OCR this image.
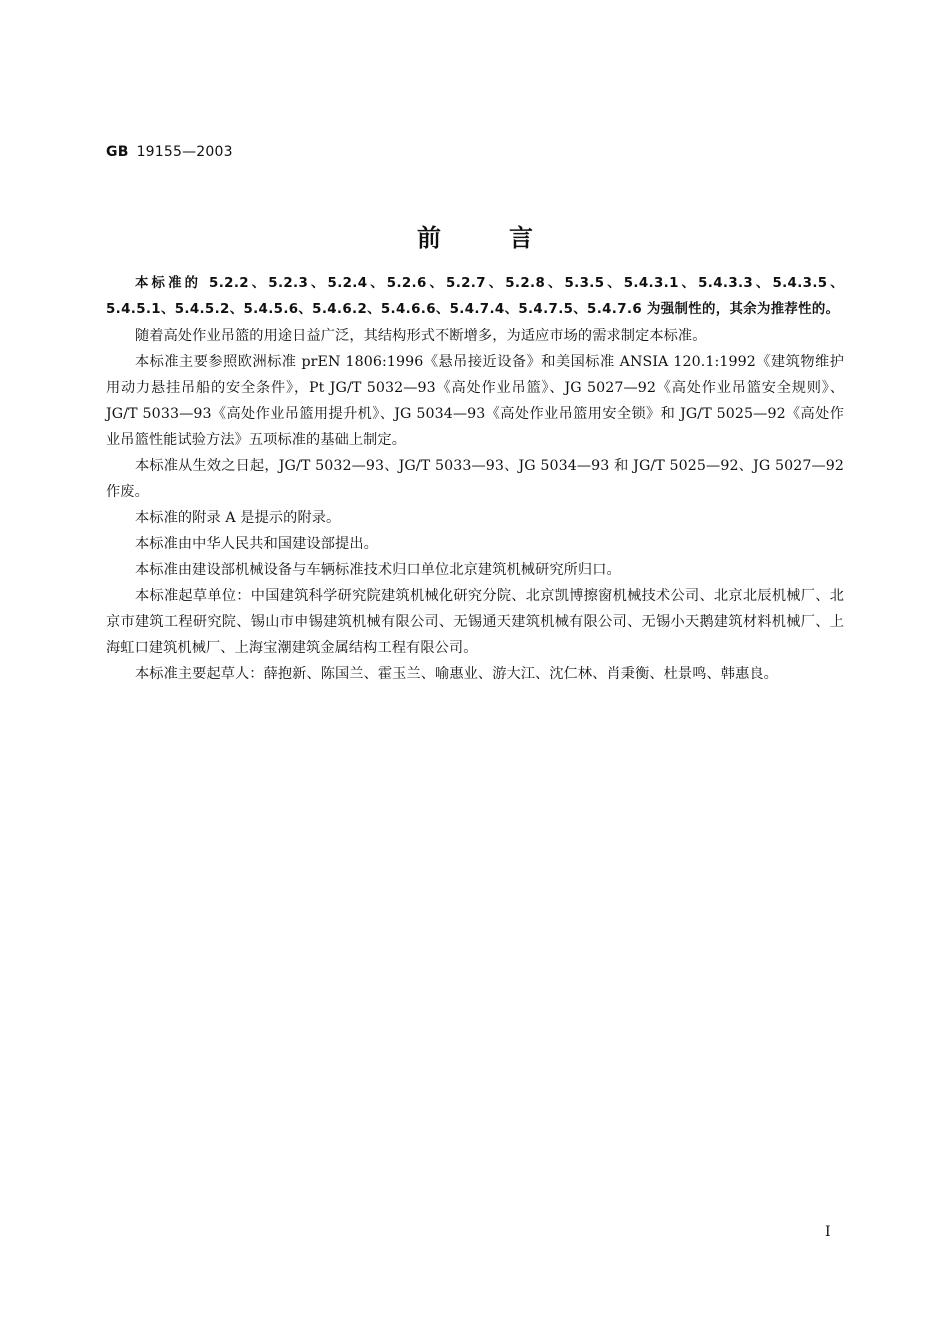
GB 19155—2003
前言

本标准的 5.2.2、5.2.3、5.2.4、5.2.6、5.2.7、5.2.8、5.3.5、5.4.3.1、5.4.3.3、5.4.3.5、5.4.5.1、5.4.5.2、5.4.5.6、5.4.6.2、5.4.6.6、5.4.7.4、5.4.7.5、5.4.7.6 为强制性的，其余为推荐性的。

随着高处作业吊篮的用途日益广泛，其结构形式不断增多，为适应市场的需求制定本标准。

本标准主要参照欧洲标准 prEN 1806:1996《悬吊接近设备》和美国标准 ANSIA 120.1:1992《建筑物维护用动力悬挂吊船的安全条件》，Pt JG/T 5032—93《高处作业吊篮》、JG 5027—92《高处作业吊篮安全规则》、JG/T 5033—93《高处作业吊篮用提升机》、JG 5034—93《高处作业吊篮用安全锁》和 JG/T 5025—92《高处作业吊篮性能试验方法》五项标准的基础上制定。

本标准从生效之日起，JG/T 5032—93、JG/T 5033—93、JG 5034—93 和 JG/T 5025—92、JG 5027—92作废。

本标准的附录 A 是提示的附录。

本标准由中华人民共和国建设部提出。

本标准由建设部机械设备与车辆标准技术归口单位北京建筑机械研究所归口。

本标准起草单位：中国建筑科学研究院建筑机械化研究分院、北京凯博擦窗机械技术公司、北京北辰机械厂、北京市建筑工程研究院、锡山市申锡建筑机械有限公司、无锡通天建筑机械有限公司、无锡小天鹅建筑材料机械厂、上海虹口建筑机械厂、上海宝潮建筑金属结构工程有限公司。

本标准主要起草人：薛抱新、陈国兰、霍玉兰、喻惠业、游大江、沈仁林、肖秉衡、杜景鸣、韩惠良。

I
